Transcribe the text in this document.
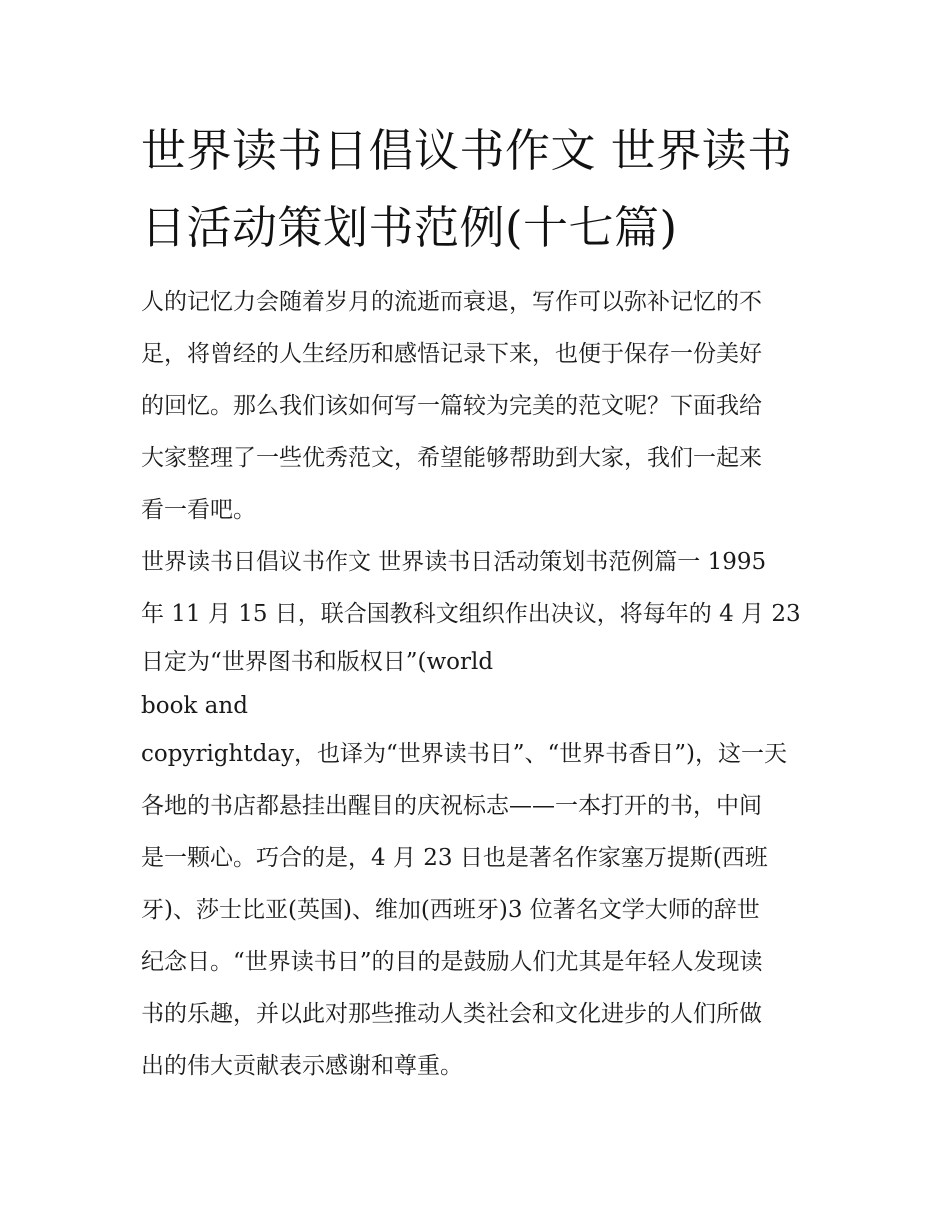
世界读书日倡议书作文 世界读书日活动策划书范例(十七篇)

人的记忆力会随着岁月的流逝而衰退，写作可以弥补记忆的不
足，将曾经的人生经历和感悟记录下来，也便于保存一份美好
的回忆。那么我们该如何写一篇较为完美的范文呢？下面我给
大家整理了一些优秀范文，希望能够帮助到大家，我们一起来
看一看吧。

世界读书日倡议书作文 世界读书日活动策划书范例篇一 1995
年 11 月 15 日，联合国教科文组织作出决议，将每年的 4 月 23
日定为“世界图书和版权日”(world
book and
copyrightday，也译为“世界读书日”、“世界书香日”)，这一天
各地的书店都悬挂出醒目的庆祝标志——一本打开的书，中间
是一颗心。巧合的是，4 月 23 日也是著名作家塞万提斯(西班
牙)、莎士比亚(英国)、维加(西班牙)3 位著名文学大师的辞世
纪念日。“世界读书日”的目的是鼓励人们尤其是年轻人发现读
书的乐趣，并以此对那些推动人类社会和文化进步的人们所做
出的伟大贡献表示感谢和尊重。
